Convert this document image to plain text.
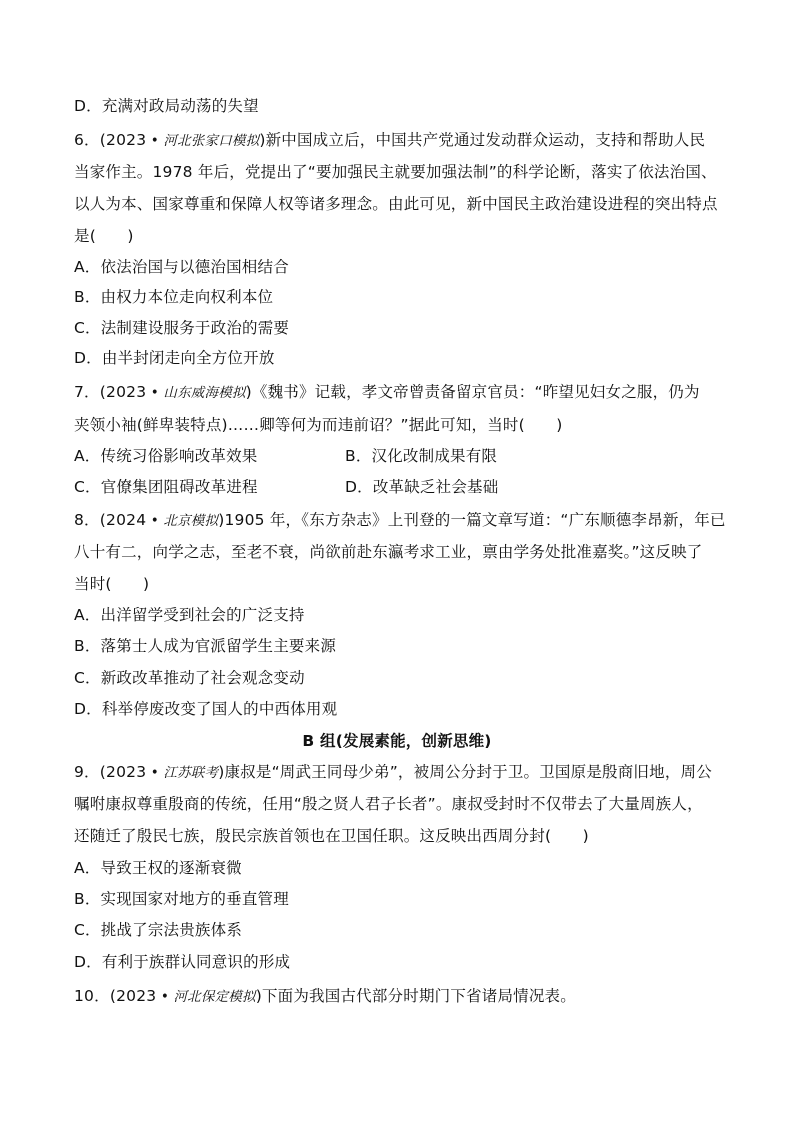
D．充满对政局动荡的失望
6．(2023 • 河北张家口模拟)新中国成立后，中国共产党通过发动群众运动，支持和帮助人民
当家作主。1978 年后，党提出了“要加强民主就要加强法制”的科学论断，落实了依法治国、
以人为本、国家尊重和保障人权等诸多理念。由此可见，新中国民主政治建设进程的突出特点
是(　　)
A．依法治国与以德治国相结合
B．由权力本位走向权利本位
C．法制建设服务于政治的需要
D．由半封闭走向全方位开放
7．(2023 • 山东威海模拟)《魏书》记载，孝文帝曾责备留京官员：“昨望见妇女之服，仍为
夹领小袖(鲜卑装特点)……卿等何为而违前诏？”据此可知，当时(　　)
A．传统习俗影响改革效果	B．汉化改制成果有限
C．官僚集团阻碍改革进程	D．改革缺乏社会基础
8．(2024 • 北京模拟)1905 年，《东方杂志》上刊登的一篇文章写道：“广东顺德李昂新，年已
八十有二，向学之志，至老不衰，尚欲前赴东瀛考求工业，禀由学务处批准嘉奖。”这反映了
当时(　　)
A．出洋留学受到社会的广泛支持
B．落第士人成为官派留学生主要来源
C．新政改革推动了社会观念变动
D．科举停废改变了国人的中西体用观
B 组(发展素能，创新思维)
9．(2023 • 江苏联考)康叔是“周武王同母少弟”，被周公分封于卫。卫国原是殷商旧地，周公
嘱咐康叔尊重殷商的传统，任用“殷之贤人君子长者”。康叔受封时不仅带去了大量周族人，
还随迁了殷民七族，殷民宗族首领也在卫国任职。这反映出西周分封(　　)
A．导致王权的逐渐衰微
B．实现国家对地方的垂直管理
C．挑战了宗法贵族体系
D．有利于族群认同意识的形成
10．(2023 • 河北保定模拟)下面为我国古代部分时期门下省诸局情况表。
